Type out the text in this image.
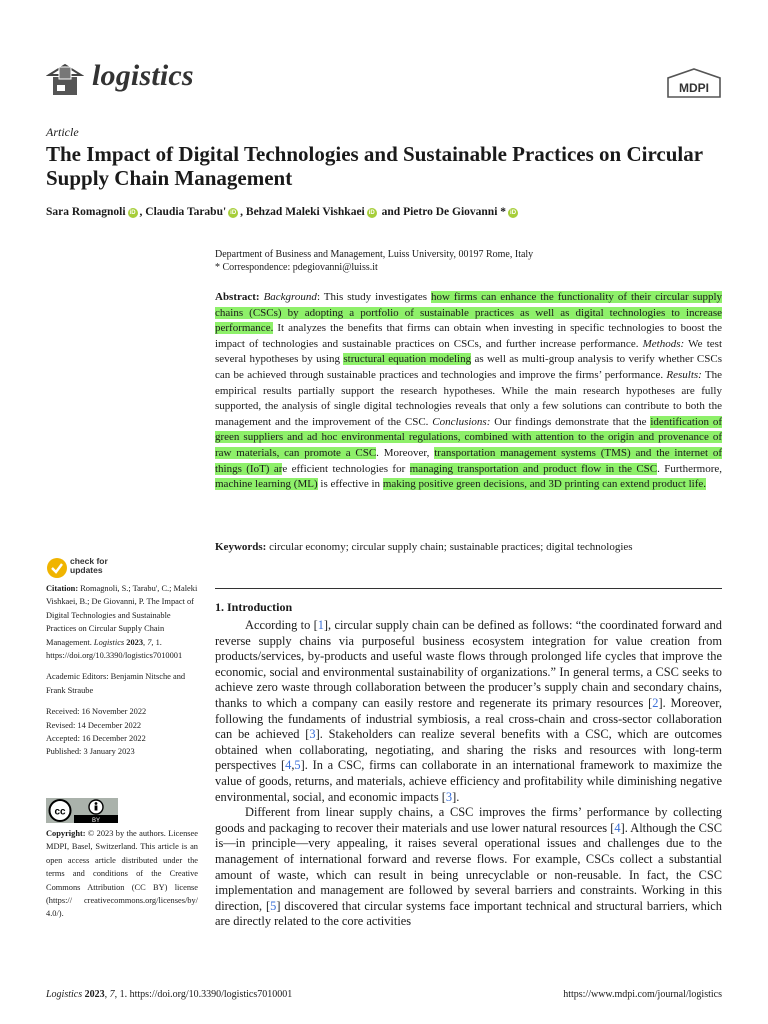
logistics	MDPI
Article
The Impact of Digital Technologies and Sustainable Practices on Circular Supply Chain Management
Sara Romagnoli iD , Claudia Tarabu' iD , Behzad Maleki Vishkaei iD and Pietro De Giovanni * iD
Department of Business and Management, Luiss University, 00197 Rome, Italy
* Correspondence: pdegiovanni@luiss.it
Abstract: Background: This study investigates how firms can enhance the functionality of their circular supply chains (CSCs) by adopting a portfolio of sustainable practices as well as digital technologies to increase performance. It analyzes the benefits that firms can obtain when investing in specific technologies to boost the impact of technologies and sustainable practices on CSCs, and further increase performance. Methods: We test several hypotheses by using structural equation modeling as well as multi-group analysis to verify whether CSCs can be achieved through sustainable practices and technologies and improve the firms’ performance. Results: The empirical results partially support the research hypotheses. While the main research hypotheses are fully supported, the analysis of single digital technologies reveals that only a few solutions can contribute to both the management and the improvement of the CSC. Conclusions: Our findings demonstrate that the identification of green suppliers and ad hoc environmental regulations, combined with attention to the origin and provenance of raw materials, can promote a CSC. Moreover, transportation management systems (TMS) and the internet of things (IoT) are efficient technologies for managing transportation and product flow in the CSC. Furthermore, machine learning (ML) is effective in making positive green decisions, and 3D printing can extend product life.
Keywords: circular economy; circular supply chain; sustainable practices; digital technologies
check for updates

Citation: Romagnoli, S.; Tarabu', C.; Maleki Vishkaei, B.; De Giovanni, P. The Impact of Digital Technologies and Sustainable Practices on Circular Supply Chain Management. Logistics 2023, 7, 1. https://doi.org/10.3390/logistics7010001

Academic Editors: Benjamin Nitsche and Frank Straube

Received: 16 November 2022
Revised: 14 December 2022
Accepted: 16 December 2022
Published: 3 January 2023
cc
BY
Copyright: © 2023 by the authors. Licensee MDPI, Basel, Switzerland. This article is an open access article distributed under the terms and conditions of the Creative Commons Attribution (CC BY) license (https:// creativecommons.org/licenses/by/ 4.0/).
1. Introduction

According to [1], circular supply chain can be defined as follows: “the coordinated forward and reverse supply chains via purposeful business ecosystem integration for value creation from products/services, by-products and useful waste flows through prolonged life cycles that improve the economic, social and environmental sustainability of organizations.” In general terms, a CSC seeks to achieve zero waste through collaboration between the producer’s supply chain and secondary chains, thanks to which a company can easily restore and regenerate its primary resources [2]. Moreover, following the fundaments of industrial symbiosis, a real cross-chain and cross-sector collaboration can be achieved [3]. Stakeholders can realize several benefits with a CSC, which are outcomes obtained when collaborating, negotiating, and sharing the risks and resources with long-term perspectives [4,5]. In a CSC, firms can collaborate in an international framework to maximize the value of goods, returns, and materials, achieve efficiency and profitability while diminishing negative environmental, social, and economic impacts [3].

Different from linear supply chains, a CSC improves the firms’ performance by collecting goods and packaging to recover their materials and use lower natural resources [4]. Although the CSC is—in principle—very appealing, it raises several operational issues and challenges due to the management of international forward and reverse flows. For example, CSCs collect a substantial amount of waste, which can result in being unrecyclable or non-reusable. In fact, the CSC implementation and management are followed by several barriers and constraints. Working in this direction, [5] discovered that circular systems face important technical and structural barriers, which are directly related to the core activities

Logistics 2023, 7, 1. https://doi.org/10.3390/logistics7010001	https://www.mdpi.com/journal/logistics
